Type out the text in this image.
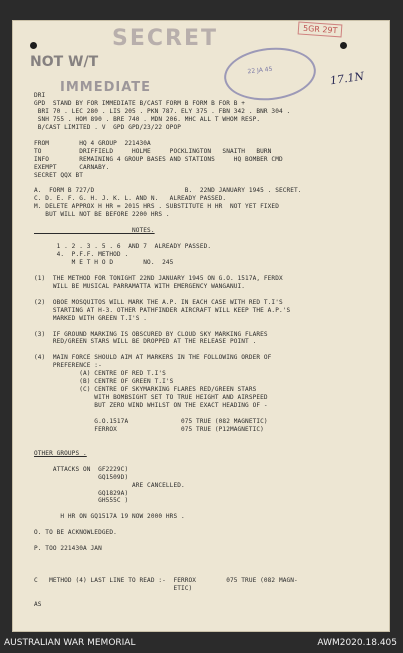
SECRET
NOT W/T
IMMEDIATE
5GR 29T
22 JA 45	17.1N
DRI
GPD  STAND BY FOR IMMEDIATE B/CAST FORM B FORM B FOR B +
BRI 70 . LEC 280 . LIS 205 . PKN 787. ELY 375 . FBN 342 . BNR 304 .
SNH 755 . HOM 890 . BRE 740 . MDN 206. MHC ALL T WHOM RESP.
B/CAST LIMITED . V  GPD GPD/23/22 OPOP
FROM        HQ 4 GROUP  221430A
TO          DRIFFIELD     HOLME     POCKLINGTON   SNAITH   BURN
INFO        REMAINING 4 GROUP BASES AND STATIONS     HQ BOMBER CMD
EXEMPT      CARNABY.
SECRET QQX BT
A.  FORM B 727/D                        B.  22ND JANUARY 1945 . SECRET.
C. D. E. F. G. H. J. K. L. AND N.   ALREADY PASSED.
M. DELETE APPROX H HR = 2015 HRS . SUBSTITUTE H HR  NOT YET FIXED
BUT WILL NOT BE BEFORE 2200 HRS .
NOTES.
1 . 2 . 3 . 5 . 6  AND 7  ALREADY PASSED.
4.  P.F.F. METHOD .
M E T H O D        NO.  245
(1)  THE METHOD FOR TONIGHT 22ND JANUARY 1945 ON G.O. 1517A, FERDX
WILL BE MUSICAL PARRAMATTA WITH EMERGENCY WANGANUI.
(2)  OBOE MOSQUITOS WILL MARK THE A.P. IN EACH CASE WITH RED T.I'S
STARTING AT H-3. OTHER PATHFINDER AIRCRAFT WILL KEEP THE A.P.'S
MARKED WITH GREEN T.I'S .
(3)  IF GROUND MARKING IS OBSCURED BY CLOUD SKY MARKING FLARES
RED/GREEN STARS WILL BE DROPPED AT THE RELEASE POINT .
(4)  MAIN FORCE SHOULD AIM AT MARKERS IN THE FOLLOWING ORDER OF
PREFERENCE :-
(A) CENTRE OF RED T.I'S
(B) CENTRE OF GREEN T.I'S
(C) CENTRE OF SKYMARKING FLARES RED/GREEN STARS
WITH BOMBSIGHT SET TO TRUE HEIGHT AND AIRSPEED
BUT ZERO WIND WHILST ON THE EXACT HEADING OF -
G.O.1517A              075 TRUE (082 MAGNETIC)
FERROX                 075 TRUE (P12MAGNETIC)
OTHER GROUPS .
ATTACKS ON  GF2229C)
GQ1509D)
ARE CANCELLED.
GQ1829A)
GH555C )
H HR ON GQ1517A 19 NOW 2000 HRS .
O. TO BE ACKNOWLEDGED.
P. TOO 221430A JAN
C   METHOD (4) LAST LINE TO READ :-  FERROX        075 TRUE (082 MAGN-
ETIC)
AS
AUSTRALIAN WAR MEMORIAL	AWM2020.18.405
